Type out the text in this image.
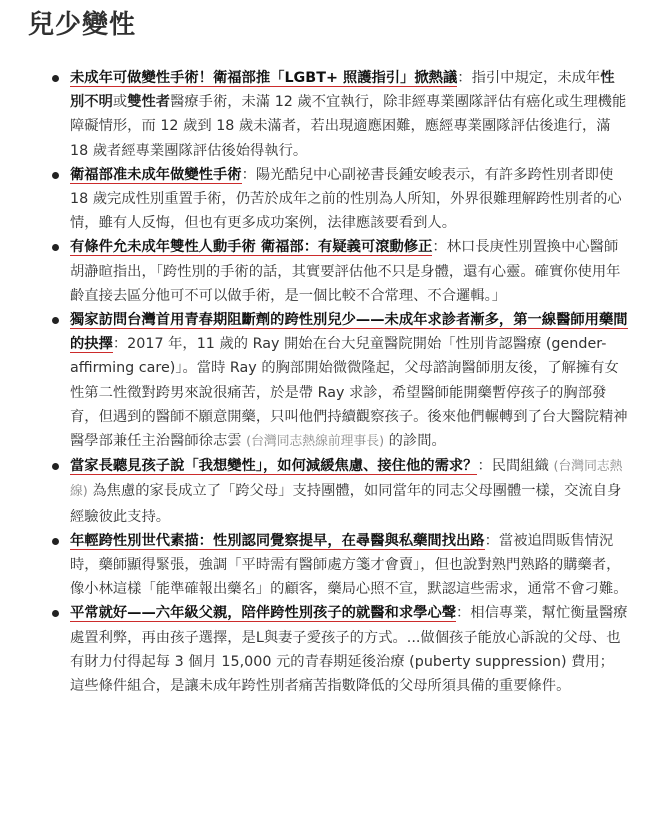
兒少變性
未成年可做變性手術！衛福部推「LGBT+ 照護指引」掀熱議：指引中規定，未成年性別不明或雙性者醫療手術，未滿 12 歲不宜執行，除非經專業團隊評估有癌化或生理機能障礙情形，而 12 歲到 18 歲未滿者，若出現適應困難，應經專業團隊評估後進行，滿 18 歲者經專業團隊評估後始得執行。
衛福部准未成年做變性手術：陽光酷兒中心副祕書長鍾安峻表示，有許多跨性別者即使 18 歲完成性別重置手術，仍苦於成年之前的性別為人所知，外界很難理解跨性別者的心情，雖有人反悔，但也有更多成功案例，法律應該要看到人。
有條件允未成年雙性人動手術 衛福部：有疑義可滾動修正：林口長庚性別置換中心醫師胡瀞暄指出，「跨性別的手術的話，其實要評估他不只是身體，還有心靈。確實你使用年齡直接去區分他可不可以做手術，是一個比較不合常理、不合邏輯。」
獨家訪問台灣首用青春期阻斷劑的跨性別兒少——未成年求診者漸多，第一線醫師用藥間的抉擇：2017 年，11 歲的 Ray 開始在台大兒童醫院開始「性別肯認醫療 (gender-affirming care)」。當時 Ray 的胸部開始微微隆起，父母諮詢醫師朋友後，了解擁有女性第二性徵對跨男來說很痛苦，於是帶 Ray 求診，希望醫師能開藥暫停孩子的胸部發育，但遇到的醫師不願意開藥，只叫他們持續觀察孩子。後來他們輾轉到了台大醫院精神醫學部兼任主治醫師徐志雲 (台灣同志熱線前理事長) 的診間。
當家長聽見孩子說「我想變性」，如何減緩焦慮、接住他的需求？：民間組織 (台灣同志熱線) 為焦慮的家長成立了「跨父母」支持團體，如同當年的同志父母團體一樣，交流自身經驗彼此支持。
年輕跨性別世代素描：性別認同覺察提早，在尋醫與私藥間找出路：當被追問販售情況時，藥師顯得緊張，強調「平時需有醫師處方箋才會賣」，但也說對熟門熟路的購藥者，像小林這樣「能準確報出藥名」的顧客，藥局心照不宣，默認這些需求，通常不會刁難。
平常就好——六年級父親，陪伴跨性別孩子的就醫和求學心聲：相信專業，幫忙衡量醫療處置利弊，再由孩子選擇，是L與妻子愛孩子的方式。...做個孩子能放心訴說的父母、也有財力付得起每 3 個月 15,000 元的青春期延後治療 (puberty suppression) 費用；這些條件組合，是讓未成年跨性別者痛苦指數降低的父母所須具備的重要條件。
